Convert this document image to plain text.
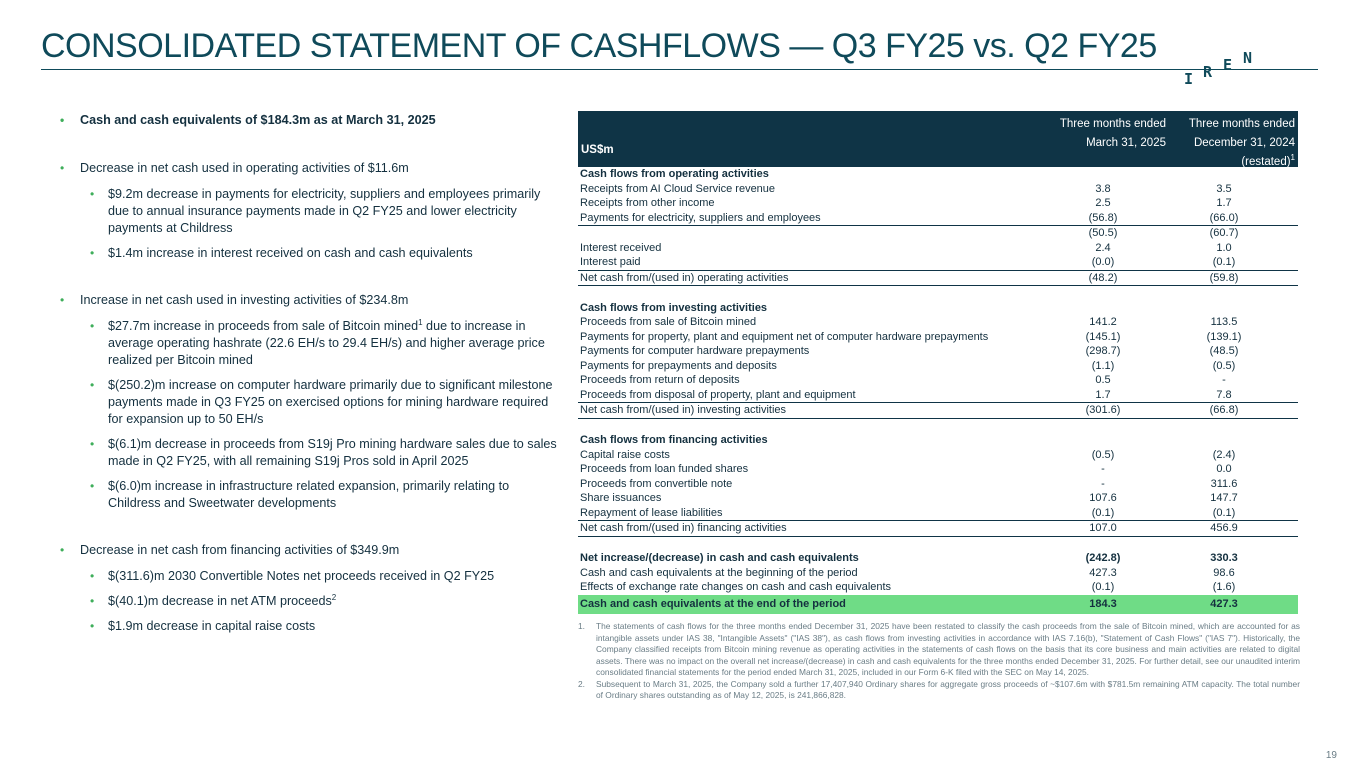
CONSOLIDATED STATEMENT OF CASHFLOWS — Q3 FY25 vs. Q2 FY25
I R E N
• Cash and cash equivalents of $184.3m as at March 31, 2025
• Decrease in net cash used in operating activities of $11.6m
• $9.2m decrease in payments for electricity, suppliers and employees primarily due to annual insurance payments made in Q2 FY25 and lower electricity payments at Childress
• $1.4m increase in interest received on cash and cash equivalents
• Increase in net cash used in investing activities of $234.8m
• $27.7m increase in proceeds from sale of Bitcoin mined$^1$ due to increase in average operating hashrate (22.6 EH/s to 29.4 EH/s) and higher average price realized per Bitcoin mined
• $(250.2)m increase on computer hardware primarily due to significant milestone payments made in Q3 FY25 on exercised options for mining hardware required for expansion up to 50 EH/s
• $(6.1)m decrease in proceeds from S19j Pro mining hardware sales due to sales made in Q2 FY25, with all remaining S19j Pros sold in April 2025
• $(6.0)m increase in infrastructure related expansion, primarily relating to Childress and Sweetwater developments
• Decrease in net cash from financing activities of $349.9m
• $(311.6)m 2030 Convertible Notes net proceeds received in Q2 FY25
• $(40.1)m decrease in net ATM proceeds$^2$
• $1.9m decrease in capital raise costs
US$m
Three months ended
March 31, 2025
Three months ended
December 31, 2024
(restated)$^1$
Cash flows from operating activities
Receipts from AI Cloud Service revenue	3.8	3.5
Receipts from other income	2.5	1.7
Payments for electricity, suppliers and employees	(56.8)	(66.0)
(50.5)	(60.7)
Interest received	2.4	1.0
Interest paid	(0.0)	(0.1)
Net cash from/(used in) operating activities	(48.2)	(59.8)
Cash flows from investing activities
Proceeds from sale of Bitcoin mined	141.2	113.5
Payments for property, plant and equipment net of computer hardware prepayments	(145.1)	(139.1)
Payments for computer hardware prepayments	(298.7)	(48.5)
Payments for prepayments and deposits	(1.1)	(0.5)
Proceeds from return of deposits	0.5	-
Proceeds from disposal of property, plant and equipment	1.7	7.8
Net cash from/(used in) investing activities	(301.6)	(66.8)
Cash flows from financing activities
Capital raise costs	(0.5)	(2.4)
Proceeds from loan funded shares	-	0.0
Proceeds from convertible note	-	311.6
Share issuances	107.6	147.7
Repayment of lease liabilities	(0.1)	(0.1)
Net cash from/(used in) financing activities	107.0	456.9
Net increase/(decrease) in cash and cash equivalents	(242.8)	330.3
Cash and cash equivalents at the beginning of the period	427.3	98.6
Effects of exchange rate changes on cash and cash equivalents	(0.1)	(1.6)
Cash and cash equivalents at the end of the period	184.3	427.3
1. The statements of cash flows for the three months ended December 31, 2025 have been restated to classify the cash proceeds from the sale of Bitcoin mined, which are accounted for as intangible assets under IAS 38, "Intangible Assets" ("IAS 38"), as cash flows from investing activities in accordance with IAS 7.16(b), "Statement of Cash Flows" ("IAS 7"). Historically, the Company classified receipts from Bitcoin mining revenue as operating activities in the statements of cash flows on the basis that its core business and main activities are related to digital assets. There was no impact on the overall net increase/(decrease) in cash and cash equivalents for the three months ended December 31, 2025. For further detail, see our unaudited interim consolidated financial statements for the period ended March 31, 2025, included in our Form 6-K filed with the SEC on May 14, 2025.
2. Subsequent to March 31, 2025, the Company sold a further 17,407,940 Ordinary shares for aggregate gross proceeds of ~$107.6m with $781.5m remaining ATM capacity. The total number of Ordinary shares outstanding as of May 12, 2025, is 241,866,828.
19
